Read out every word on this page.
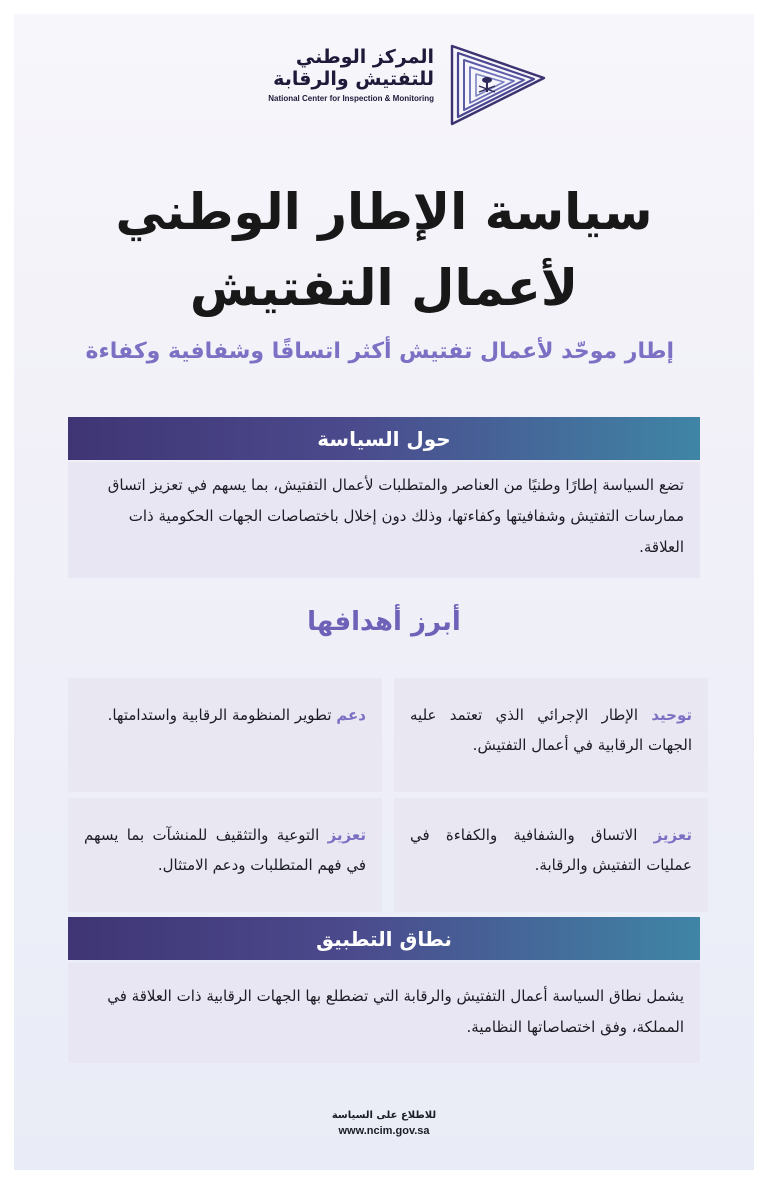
المركز الوطني
للتفتيش والرقابة
National Center for Inspection & Monitoring
سياسة الإطار الوطني
لأعمال التفتيش
إطار موحّد لأعمال تفتيش أكثر اتساقًا وشفافية وكفاءة
حول السياسة
تضع السياسة إطارًا وطنيًا من العناصر والمتطلبات لأعمال التفتيش، بما يسهم في تعزيز اتساق ممارسات التفتيش وشفافيتها وكفاءتها، وذلك دون إخلال باختصاصات الجهات الحكومية ذات العلاقة.
أبرز أهدافها
توحيد الإطار الإجرائي الذي تعتمد عليه الجهات الرقابية في أعمال التفتيش.
دعم تطوير المنظومة الرقابية واستدامتها.
تعزيز الاتساق والشفافية والكفاءة في عمليات التفتيش والرقابة.
تعزيز التوعية والتثقيف للمنشآت بما يسهم في فهم المتطلبات ودعم الامتثال.
نطاق التطبيق
يشمل نطاق السياسة أعمال التفتيش والرقابة التي تضطلع بها الجهات الرقابية ذات العلاقة في المملكة، وفق اختصاصاتها النظامية.
للاطلاع على السياسة
www.ncim.gov.sa
